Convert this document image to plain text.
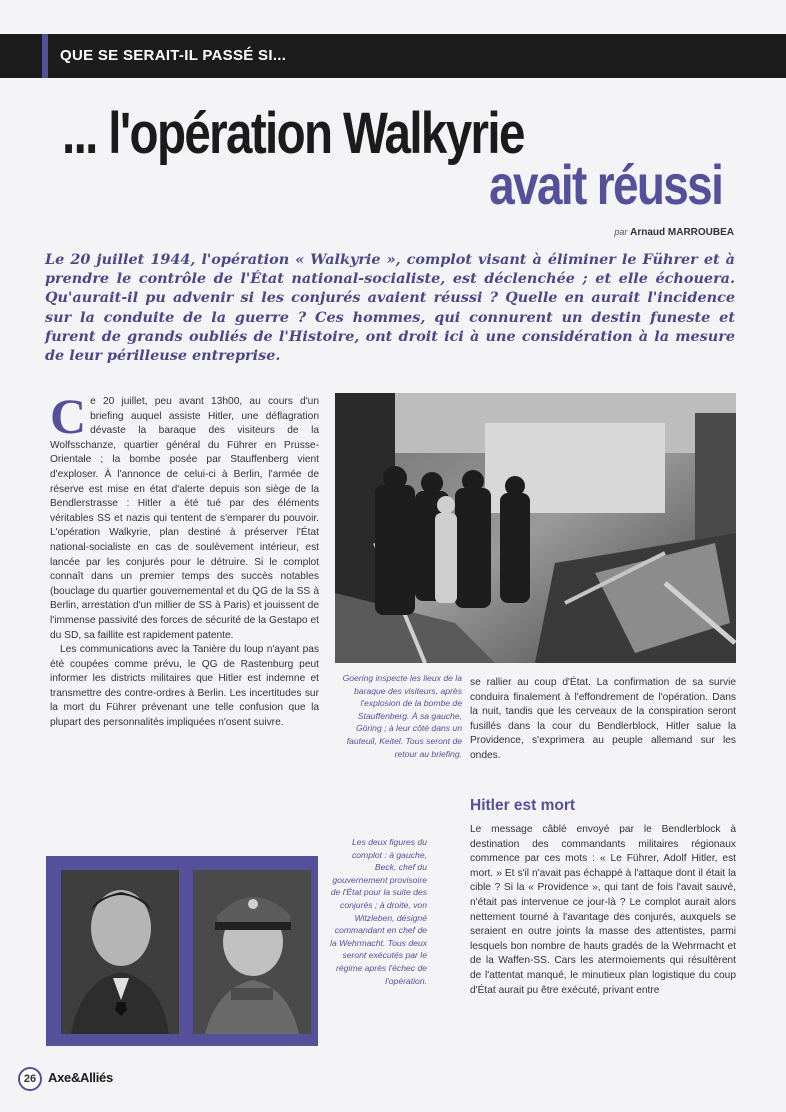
QUE SE SERAIT-IL PASSÉ SI...
... l'opération Walkyrie
avait réussi
par Arnaud MARROUBEA
Le 20 juillet 1944, l'opération « Walkyrie », complot visant à éliminer le Führer et à prendre le contrôle de l'État national-socialiste, est déclenchée ; et elle échouera. Qu'aurait-il pu advenir si les conjurés avaient réussi ? Quelle en aurait l'incidence sur la conduite de la guerre ? Ces hommes, qui connurent un destin funeste et furent de grands oubliés de l'Histoire, ont droit ici à une considération à la mesure de leur périlleuse entreprise.
C e 20 juillet, peu avant 13h00, au cours d'un briefing auquel assiste Hitler, une déflagration dévaste la baraque des visiteurs de la Wolfsschanze, quartier général du Führer en Prusse-Orientale ; la bombe posée par Stauffenberg vient d'exploser. À l'annonce de celui-ci à Berlin, l'armée de réserve est mise en état d'alerte depuis son siège de la Bendlerstrasse : Hitler a été tué par des éléments véritables SS et nazis qui tentent de s'emparer du pouvoir. L'opération Walkyrie, plan destiné à préserver l'État national-socialiste en cas de soulèvement intérieur, est lancée par les conjurés pour le détruire. Si le complot connaît dans un premier temps des succès notables (bouclage du quartier gouvernemental et du QG de la SS à Berlin, arrestation d'un millier de SS à Paris) et jouissent de l'immense passivité des forces de sécurité de la Gestapo et du SD, sa faillite est rapidement patente.
Les communications avec la Tanière du loup n'ayant pas été coupées comme prévu, le QG de Rastenburg peut informer les districts militaires que Hitler est indemne et transmettre des contre-ordres à Berlin. Les incertitudes sur la mort du Führer prévenant une telle confusion que la plupart des personnalités impliquées n'osent suivre.
Goering inspecte les lieux de la baraque des visiteurs, après l'explosion de la bombe de Stauffenberg. À sa gauche, Göring ; à leur côté dans un fauteuil, Keitel. Tous seront de retour au briefing.
se rallier au coup d'État. La confirmation de sa survie conduira finalement à l'effondrement de l'opération. Dans la nuit, tandis que les cerveaux de la conspiration seront fusillés dans la cour du Bendlerblock, Hitler salue la Providence, s'exprimera au peuple allemand sur les ondes.
Hitler est mort
Le message câblé envoyé par le Bendlerblock à destination des commandants militaires régionaux commence par ces mots : « Le Führer, Adolf Hitler, est mort. » Et s'il n'avait pas échappé à l'attaque dont il était la cible ? Si la « Providence », qui tant de fois l'avait sauvé, n'était pas intervenue ce jour-là ? Le complot aurait alors nettement tourné à l'avantage des conjurés, auxquels se seraient en outre joints la masse des attentistes, parmi lesquels bon nombre de hauts gradés de la Wehrmacht et de la Waffen-SS. Cars les atermoiements qui résultèrent de l'attentat manqué, le minutieux plan logistique du coup d'État aurait pu être exécuté, privant entre
Les deux figures du complot : à gauche, Beck, chef du gouvernement provisoire de l'État pour la suite des conjurés ; à droite, von Witzleben, désigné commandant en chef de la Wehrmacht. Tous deux seront exécutés par le régime après l'échec de l'opération.
26 Axe&Alliés
